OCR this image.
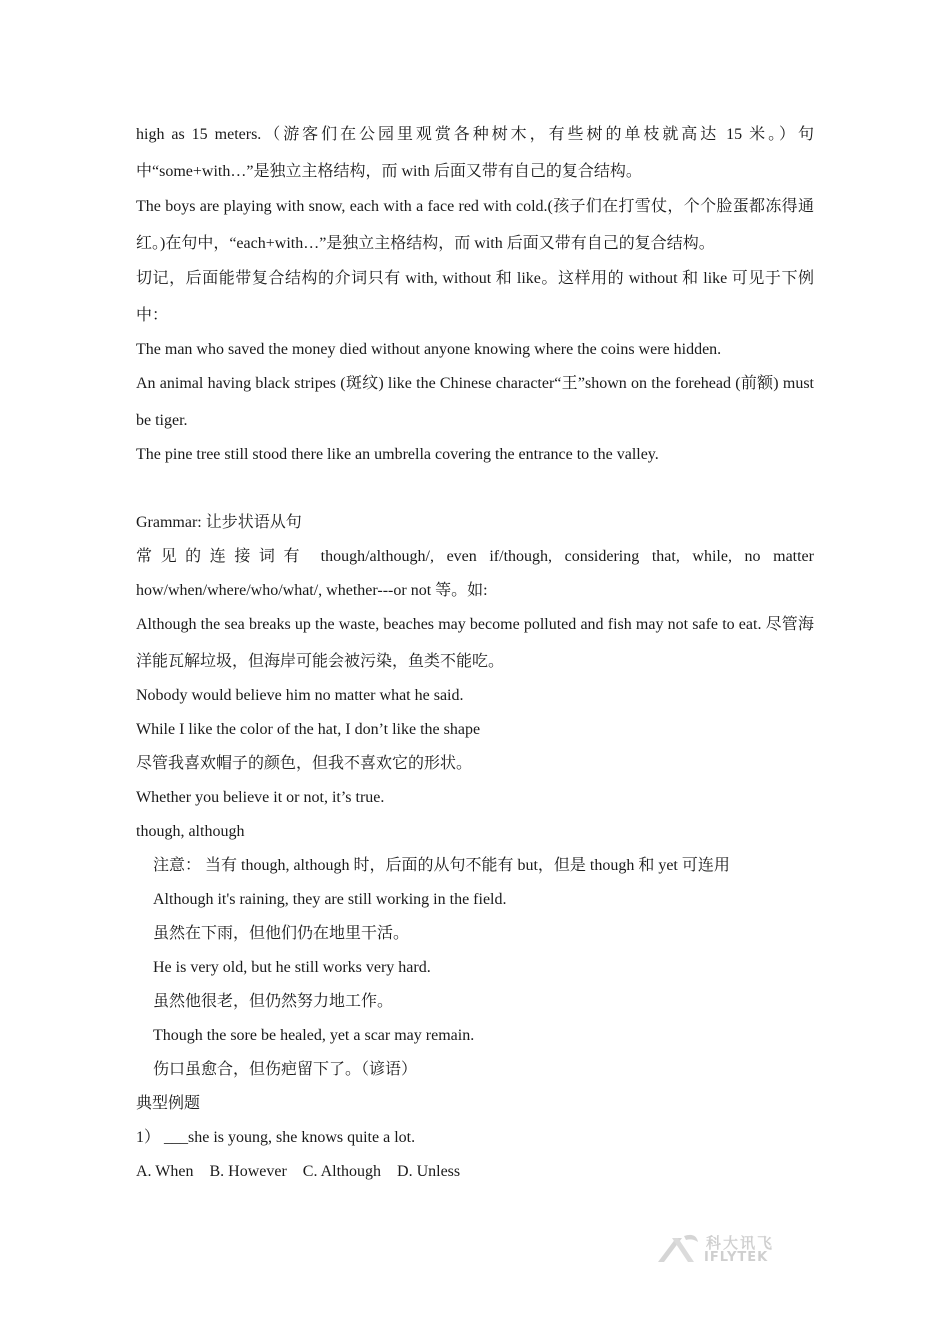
high as 15 meters.（游客们在公园里观赏各种树木，有些树的单枝就高达 15 米。）句中“some+with…”是独立主格结构，而 with 后面又带有自己的复合结构。
The boys are playing with snow, each with a face red with cold.(孩子们在打雪仗，个个脸蛋都冻得通红。)在句中，“each+with…”是独立主格结构，而 with 后面又带有自己的复合结构。
切记，后面能带复合结构的介词只有 with, without 和 like。这样用的 without 和 like 可见于下例中：
The man who saved the money died without anyone knowing where the coins were hidden.
An animal having black stripes (斑纹) like the Chinese character“王”shown on the forehead (前额) must be tiger.
The pine tree still stood there like an umbrella covering the entrance to the valley.
Grammar: 让步状语从句
常见的连接词有 though/although/, even if/though, considering that, while, no matter
how/when/where/who/what/, whether---or not 等。如:
Although the sea breaks up the waste, beaches may become polluted and fish may not safe to eat. 尽管海洋能瓦解垃圾，但海岸可能会被污染，鱼类不能吃。
Nobody would believe him no matter what he said.
While I like the color of the hat, I don’t like the shape
尽管我喜欢帽子的颜色，但我不喜欢它的形状。
Whether you believe it or not, it’s true.
though, although
注意： 当有 though, although 时，后面的从句不能有 but，但是 though 和 yet 可连用
Although it's raining, they are still working in the field.
虽然在下雨，但他们仍在地里干活。
He is very old, but he still works very hard.
虽然他很老，但仍然努力地工作。
Though the sore be healed, yet a scar may remain.
伤口虽愈合，但伤疤留下了。（谚语）
典型例题
1） ___she is young, she knows quite a lot.
A. When    B. However    C. Although    D. Unless
科大讯飞
IFLYTEK
